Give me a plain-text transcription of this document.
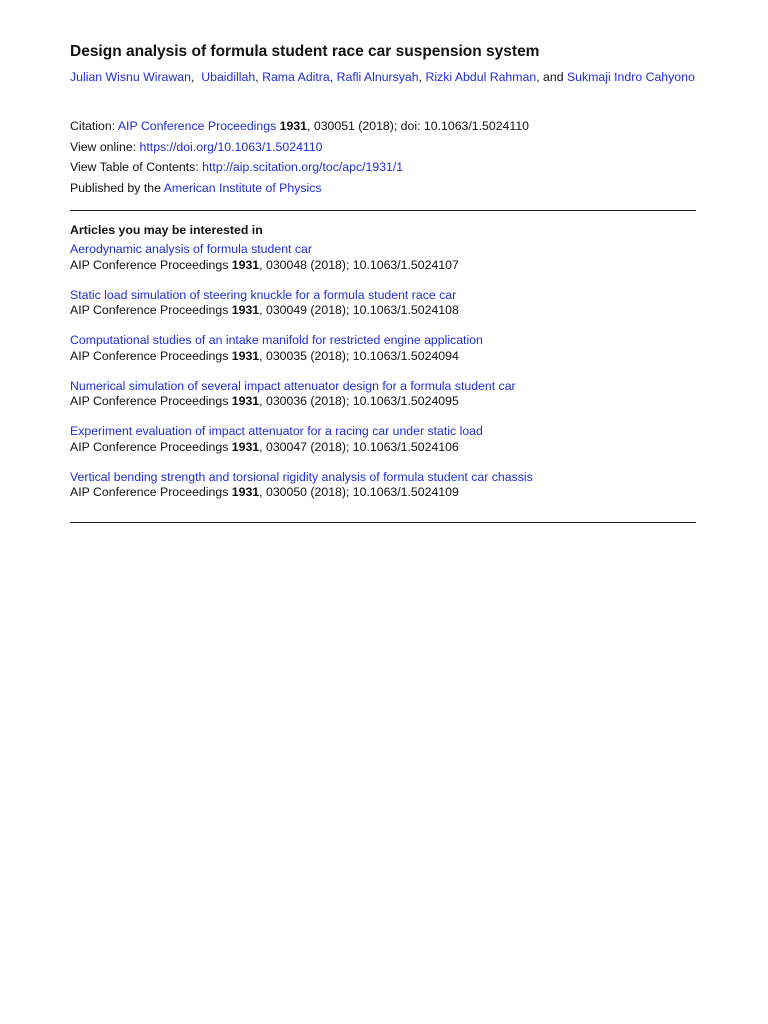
Design analysis of formula student race car suspension system
Julian Wisnu Wirawan,  Ubaidillah, Rama Aditra, Rafli Alnursyah, Rizki Abdul Rahman, and Sukmaji Indro Cahyono
Citation: AIP Conference Proceedings 1931, 030051 (2018); doi: 10.1063/1.5024110
View online: https://doi.org/10.1063/1.5024110
View Table of Contents: http://aip.scitation.org/toc/apc/1931/1
Published by the American Institute of Physics
Articles you may be interested in
Aerodynamic analysis of formula student car
AIP Conference Proceedings 1931, 030048 (2018); 10.1063/1.5024107
Static load simulation of steering knuckle for a formula student race car
AIP Conference Proceedings 1931, 030049 (2018); 10.1063/1.5024108
Computational studies of an intake manifold for restricted engine application
AIP Conference Proceedings 1931, 030035 (2018); 10.1063/1.5024094
Numerical simulation of several impact attenuator design for a formula student car
AIP Conference Proceedings 1931, 030036 (2018); 10.1063/1.5024095
Experiment evaluation of impact attenuator for a racing car under static load
AIP Conference Proceedings 1931, 030047 (2018); 10.1063/1.5024106
Vertical bending strength and torsional rigidity analysis of formula student car chassis
AIP Conference Proceedings 1931, 030050 (2018); 10.1063/1.5024109
